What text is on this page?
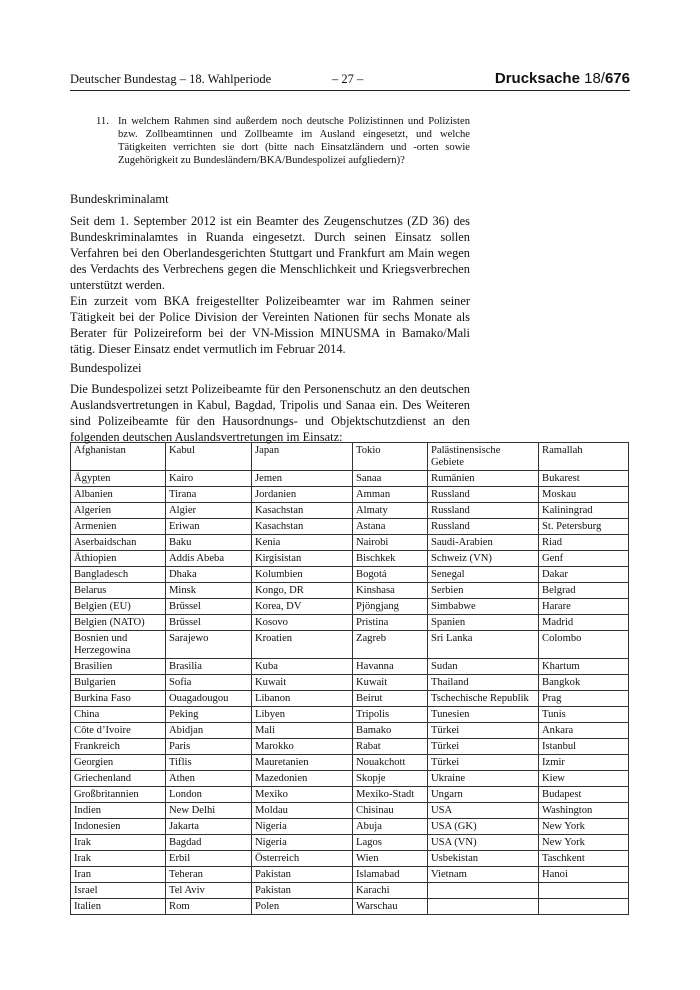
Deutscher Bundestag – 18. Wahlperiode	– 27 –	Drucksache 18/676
11. In welchem Rahmen sind außerdem noch deutsche Polizistinnen und Polizisten bzw. Zollbeamtinnen und Zollbeamte im Ausland eingesetzt, und welche Tätigkeiten verrichten sie dort (bitte nach Einsatzländern und -orten sowie Zugehörigkeit zu Bundesländern/BKA/Bundespolizei aufgliedern)?
Bundeskriminalamt
Seit dem 1. September 2012 ist ein Beamter des Zeugenschutzes (ZD 36) des Bundeskriminalamtes in Ruanda eingesetzt. Durch seinen Einsatz sollen Verfahren bei den Oberlandesgerichten Stuttgart und Frankfurt am Main wegen des Verdachts des Verbrechens gegen die Menschlichkeit und Kriegsverbrechen unterstützt werden.
Ein zurzeit vom BKA freigestellter Polizeibeamter war im Rahmen seiner Tätigkeit bei der Police Division der Vereinten Nationen für sechs Monate als Berater für Polizeireform bei der VN-Mission MINUSMA in Bamako/Mali tätig. Dieser Einsatz endet vermutlich im Februar 2014.
Bundespolizei
Die Bundespolizei setzt Polizeibeamte für den Personenschutz an den deutschen Auslandsvertretungen in Kabul, Bagdad, Tripolis und Sanaa ein. Des Weiteren sind Polizeibeamte für den Hausordnungs- und Objektschutzdienst an den folgenden deutschen Auslandsvertretungen im Einsatz:
Afghanistan	Kabul	Japan	Tokio	Palästinensische Gebiete	Ramallah
Ägypten	Kairo	Jemen	Sanaa	Rumänien	Bukarest
Albanien	Tirana	Jordanien	Amman	Russland	Moskau
Algerien	Algier	Kasachstan	Almaty	Russland	Kaliningrad
Armenien	Eriwan	Kasachstan	Astana	Russland	St. Petersburg
Aserbaidschan	Baku	Kenia	Nairobi	Saudi-Arabien	Riad
Äthiopien	Addis Abeba	Kirgisistan	Bischkek	Schweiz (VN)	Genf
Bangladesch	Dhaka	Kolumbien	Bogotá	Senegal	Dakar
Belarus	Minsk	Kongo, DR	Kinshasa	Serbien	Belgrad
Belgien (EU)	Brüssel	Korea, DV	Pjöngjang	Simbabwe	Harare
Belgien (NATO)	Brüssel	Kosovo	Pristina	Spanien	Madrid
Bosnien und Herzegowina	Sarajewo	Kroatien	Zagreb	Sri Lanka	Colombo
Brasilien	Brasilia	Kuba	Havanna	Sudan	Khartum
Bulgarien	Sofia	Kuwait	Kuwait	Thailand	Bangkok
Burkina Faso	Ouagadougou	Libanon	Beirut	Tschechische Republik	Prag
China	Peking	Libyen	Tripolis	Tunesien	Tunis
Côte d’Ivoire	Abidjan	Mali	Bamako	Türkei	Ankara
Frankreich	Paris	Marokko	Rabat	Türkei	Istanbul
Georgien	Tiflis	Mauretanien	Nouakchott	Türkei	Izmir
Griechenland	Athen	Mazedonien	Skopje	Ukraine	Kiew
Großbritannien	London	Mexiko	Mexiko-Stadt	Ungarn	Budapest
Indien	New Delhi	Moldau	Chisinau	USA	Washington
Indonesien	Jakarta	Nigeria	Abuja	USA (GK)	New York
Irak	Bagdad	Nigeria	Lagos	USA (VN)	New York
Irak	Erbil	Österreich	Wien	Usbekistan	Taschkent
Iran	Teheran	Pakistan	Islamabad	Vietnam	Hanoi
Israel	Tel Aviv	Pakistan	Karachi		
Italien	Rom	Polen	Warschau		
